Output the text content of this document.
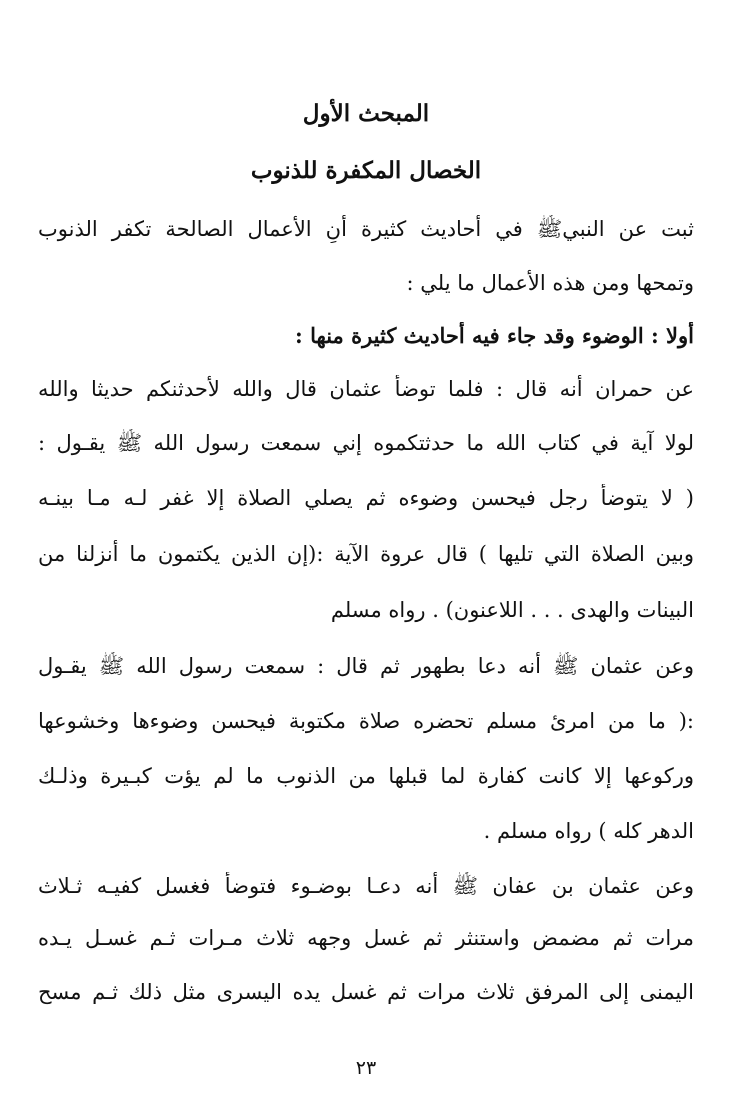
المبحث الأول
الخصال المكفرة للذنوب
ثبت عن النبيﷺ في أحاديث كثيرة أنِ الأعمال الصالحة تكفر الذنوب
وتمحها ومن هذه الأعمال ما يلي :
أولا : الوضوء وقد جاء فيه أحاديث كثيرة منها :
عن حمران أنه قال : فلما توضأ عثمان قال والله لأحدثنكم حديثا والله
لولا آية في كتاب الله ما حدثتكموه إني سمعت رسول الله ﷺ يقـول :
( لا يتوضأ رجل فيحسن وضوءه ثم يصلي الصلاة إلا غفر لـه مـا بينـه
وبين الصلاة التي تليها ) قال عروة الآية :(إن الذين يكتمون ما أنزلنا من
البينات والهدى . . . اللاعنون) . رواه مسلم
وعن عثمان ﷺ أنه دعا بطهور ثم قال : سمعت رسول الله ﷺ يقـول
:( ما من امرئ مسلم تحضره صلاة مكتوبة فيحسن وضوءها وخشوعها
وركوعها إلا كانت كفارة لما قبلها من الذنوب ما لم يؤت كبـيرة وذلـك
الدهر كله ) رواه مسلم .
وعن عثمان بن عفان ﷺ أنه دعـا بوضـوء فتوضأ فغسل كفيـه ثـلاث
مرات ثم مضمض واستنثر ثم غسل وجهه ثلاث مـرات ثـم غسـل يـده
اليمنى إلى المرفق ثلاث مرات ثم غسل يده اليسرى مثل ذلك ثـم مسح
٢٣
